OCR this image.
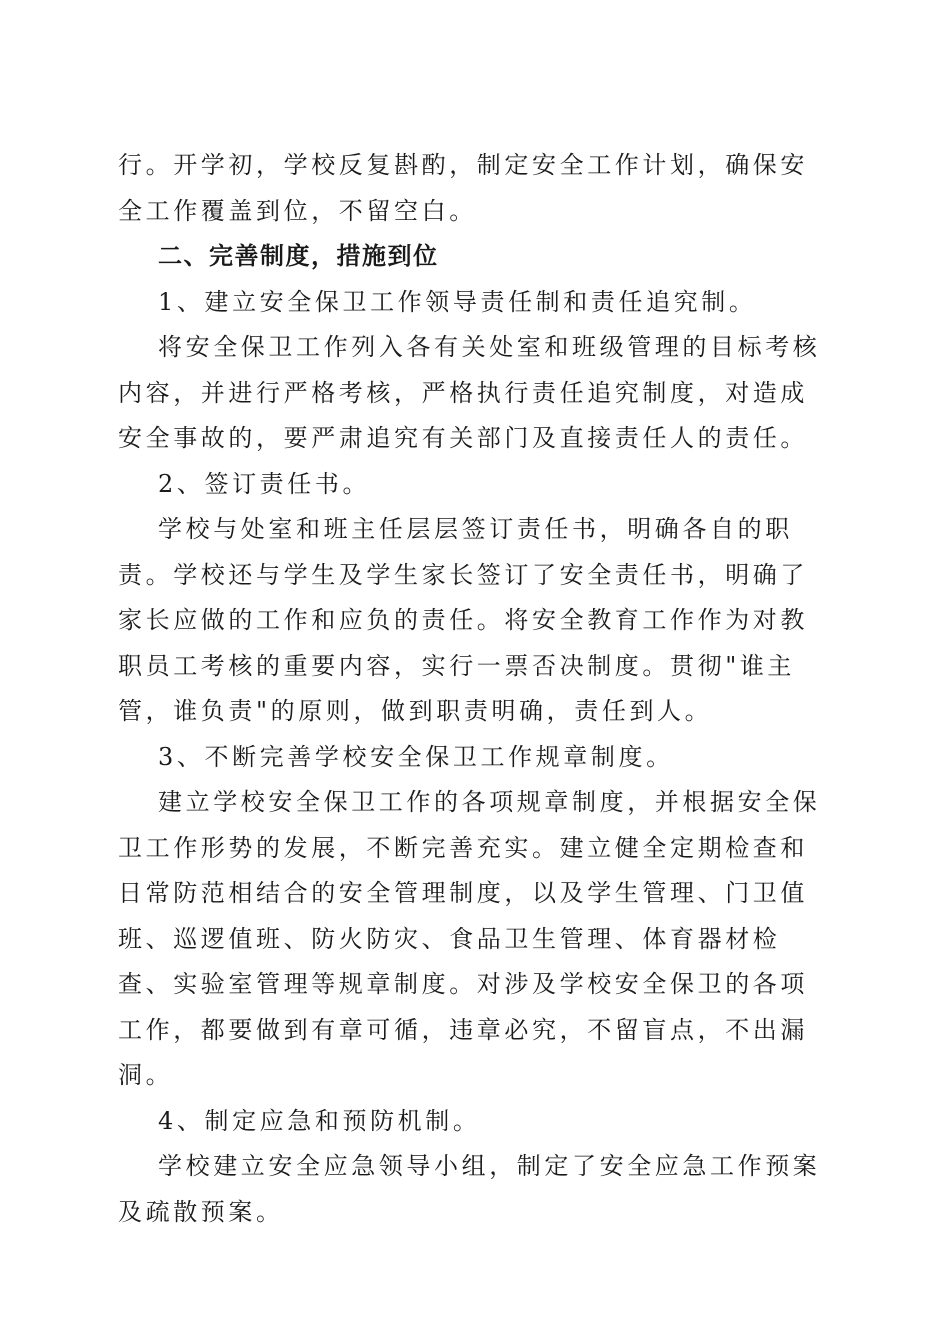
行。开学初，学校反复斟酌，制定安全工作计划，确保安全工作覆盖到位，不留空白。

二、完善制度，措施到位

1、建立安全保卫工作领导责任制和责任追究制。

将安全保卫工作列入各有关处室和班级管理的目标考核内容，并进行严格考核，严格执行责任追究制度，对造成安全事故的，要严肃追究有关部门及直接责任人的责任。

2、签订责任书。

学校与处室和班主任层层签订责任书，明确各自的职责。学校还与学生及学生家长签订了安全责任书，明确了家长应做的工作和应负的责任。将安全教育工作作为对教职员工考核的重要内容，实行一票否决制度。贯彻"谁主管，谁负责"的原则，做到职责明确，责任到人。

3、不断完善学校安全保卫工作规章制度。

建立学校安全保卫工作的各项规章制度，并根据安全保卫工作形势的发展，不断完善充实。建立健全定期检查和日常防范相结合的安全管理制度，以及学生管理、门卫值班、巡逻值班、防火防灾、食品卫生管理、体育器材检查、实验室管理等规章制度。对涉及学校安全保卫的各项工作，都要做到有章可循，违章必究，不留盲点，不出漏洞。

4、制定应急和预防机制。

学校建立安全应急领导小组，制定了安全应急工作预案及疏散预案。
